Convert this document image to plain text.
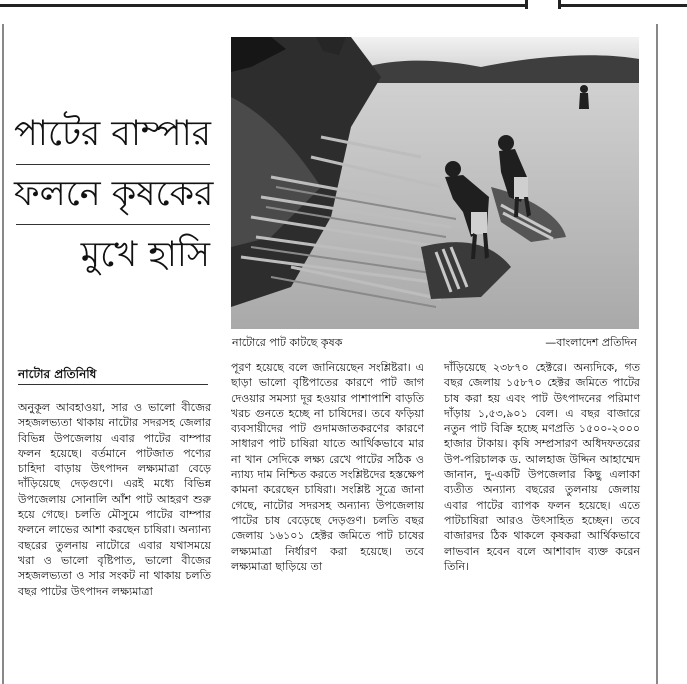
পাটের বাম্পার
ফলনে কৃষকের
মুখে হাসি
নাটোরে পাট কাটছে কৃষক	—বাংলাদেশ প্রতিদিন
নাটোর প্রতিনিধি

অনুকূল আবহাওয়া, সার ও ভালো বীজের সহজলভ্যতা থাকায় নাটোর সদরসহ জেলার বিভিন্ন উপজেলায় এবার পাটের বাম্পার ফলন হয়েছে। বর্তমানে পাটজাত পণ্যের চাহিদা বাড়ায় উৎপাদন লক্ষ্যমাত্রা বেড়ে দাঁড়িয়েছে দেড়গুণে। এরই মধ্যে বিভিন্ন উপজেলায় সোনালি আঁশ পাট আহরণ শুরু হয়ে গেছে। চলতি মৌসুমে পাটের বাম্পার ফলনে লাভের আশা করছেন চাষিরা। অন্যান্য বছরের তুলনায় নাটোরে এবার যথাসময়ে খরা ও ভালো বৃষ্টিপাত, ভালো বীজের সহজলভ্যতা ও সার সংকট না থাকায় চলতি বছর পাটের উৎপাদন লক্ষ্যমাত্রা

পূরণ হয়েছে বলে জানিয়েছেন সংশ্লিষ্টরা। এ ছাড়া ভালো বৃষ্টিপাতের কারণে পাট জাগ দেওয়ার সমস্যা দূর হওয়ার পাশাপাশি বাড়তি খরচ গুনতে হচ্ছে না চাষিদের। তবে ফড়িয়া ব্যবসায়ীদের পাট গুদামজাতকরণের কারণে সাধারণ পাট চাষিরা যাতে আর্থিকভাবে মার না খান সেদিকে লক্ষ্য রেখে পাটের সঠিক ও ন্যায্য দাম নিশ্চিত করতে সংশ্লিষ্টদের হস্তক্ষেপ কামনা করেছেন চাষিরা। সংশ্লিষ্ট সূত্রে জানা গেছে, নাটোর সদরসহ অন্যান্য উপজেলায় পাটের চাষ বেড়েছে দেড়গুণ। চলতি বছর জেলায় ১৬১০১ হেক্টর জমিতে পাট চাষের লক্ষ্যমাত্রা নির্ধারণ করা হয়েছে। তবে লক্ষ্যমাত্রা ছাড়িয়ে তা

দাঁড়িয়েছে ২৩৮৭০ হেক্টরে। অন্যদিকে, গত বছর জেলায় ১৫৮৭০ হেক্টর জমিতে পাটের চাষ করা হয় এবং পাট উৎপাদনের পরিমাণ দাঁড়ায় ১,৫৩,৯০১ বেল। এ বছর বাজারে নতুন পাট বিক্রি হচ্ছে মণপ্রতি ১৫০০-২০০০ হাজার টাকায়। কৃষি সম্প্রসারণ অধিদফতরের উপ-পরিচালক ড. আলহাজ উদ্দিন আহাম্মেদ জানান, দু-একটি উপজেলার কিছু এলাকা ব্যতীত অন্যান্য বছরের তুলনায় জেলায় এবার পাটের ব্যাপক ফলন হয়েছে। এতে পাটচাষিরা আরও উৎসাহিত হচ্ছেন। তবে বাজারদর ঠিক থাকলে কৃষকরা আর্থিকভাবে লাভবান হবেন বলে আশাবাদ ব্যক্ত করেন তিনি।
